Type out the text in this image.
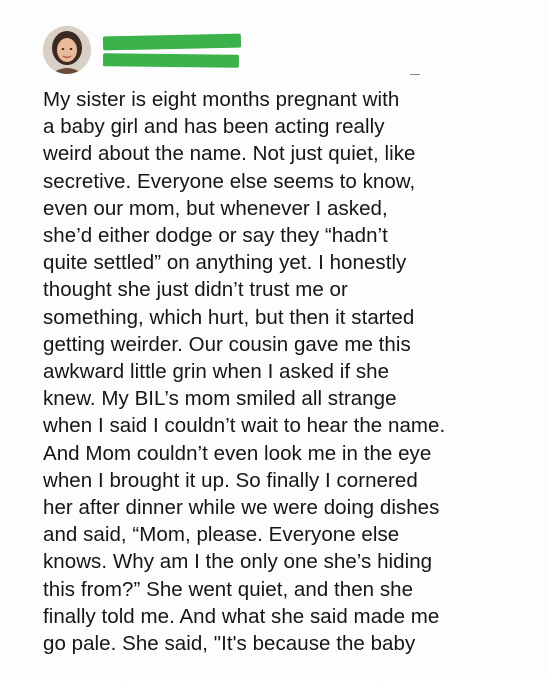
My sister is eight months pregnant with
a baby girl and has been acting really
weird about the name. Not just quiet, like
secretive. Everyone else seems to know,
even our mom, but whenever I asked,
she’d either dodge or say they “hadn’t
quite settled” on anything yet. I honestly
thought she just didn’t trust me or
something, which hurt, but then it started
getting weirder. Our cousin gave me this
awkward little grin when I asked if she
knew. My BIL’s mom smiled all strange
when I said I couldn’t wait to hear the name.
And Mom couldn’t even look me in the eye
when I brought it up. So finally I cornered
her after dinner while we were doing dishes
and said, “Mom, please. Everyone else
knows. Why am I the only one she’s hiding
this from?” She went quiet, and then she
finally told me. And what she said made me
go pale. She said, "It's because the baby
